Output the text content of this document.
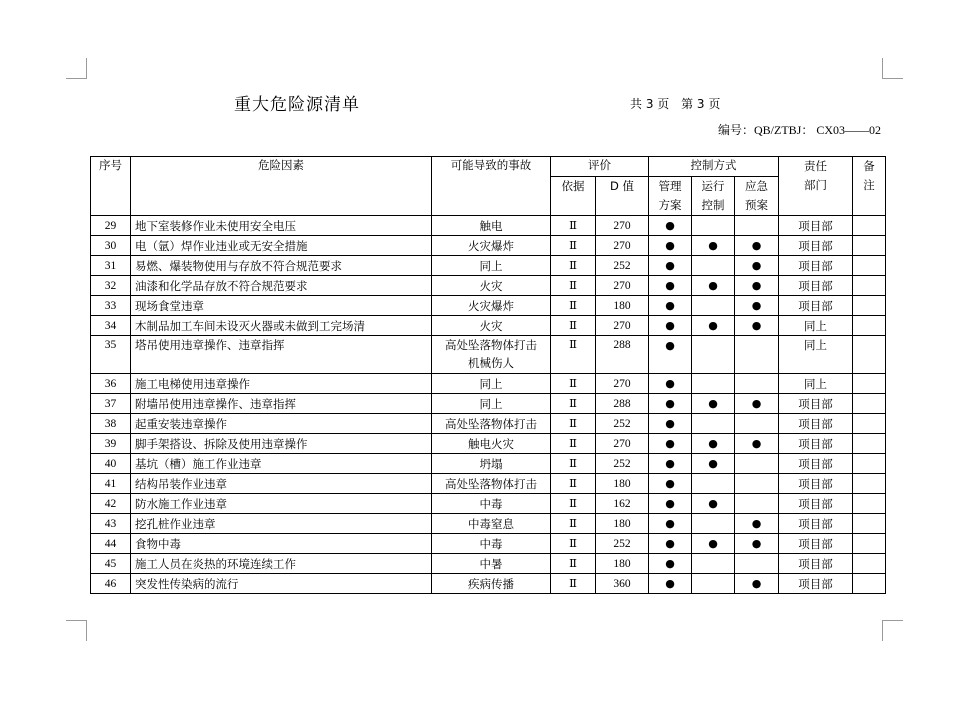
重大危险源清单	共 3 页 第 3 页
编号：QB/ZTBJ： CX03——02
序号	危险因素	可能导致的事故	评价		控制方式			责任部门	备注
			依据	D 值	管理方案	运行控制	应急预案		
29	地下室装修作业未使用安全电压	触电	Ⅱ	270	●			项目部	
30	电（氩）焊作业违业或无安全措施	火灾爆炸	Ⅱ	270	●	●	●	项目部	
31	易燃、爆装物使用与存放不符合规范要求	同上	Ⅱ	252	●		●	项目部	
32	油漆和化学品存放不符合规范要求	火灾	Ⅱ	270	●	●	●	项目部	
33	现场食堂违章	火灾爆炸	Ⅱ	180	●		●	项目部	
34	木制品加工车间未设灭火器或未做到工完场清	火灾	Ⅱ	270	●	●	●	同上	
35	塔吊使用违章操作、违章指挥	高处坠落物体打击
机械伤人	Ⅱ	288	●			同上	
36	施工电梯使用违章操作	同上	Ⅱ	270	●			同上	
37	附墙吊使用违章操作、违章指挥	同上	Ⅱ	288	●	●	●	项目部	
38	起重安装违章操作	高处坠落物体打击	Ⅱ	252	●			项目部	
39	脚手架搭设、拆除及使用违章操作	触电火灾	Ⅱ	270	●	●	●	项目部	
40	基坑（槽）施工作业违章	坍塌	Ⅱ	252	●	●		项目部	
41	结构吊装作业违章	高处坠落物体打击	Ⅱ	180	●			项目部	
42	防水施工作业违章	中毒	Ⅱ	162	●	●		项目部	
43	挖孔桩作业违章	中毒窒息	Ⅱ	180	●		●	项目部	
44	食物中毒	中毒	Ⅱ	252	●	●	●	项目部	
45	施工人员在炎热的环境连续工作	中暑	Ⅱ	180	●			项目部	
46	突发性传染病的流行	疾病传播	Ⅱ	360	●		●	项目部	
